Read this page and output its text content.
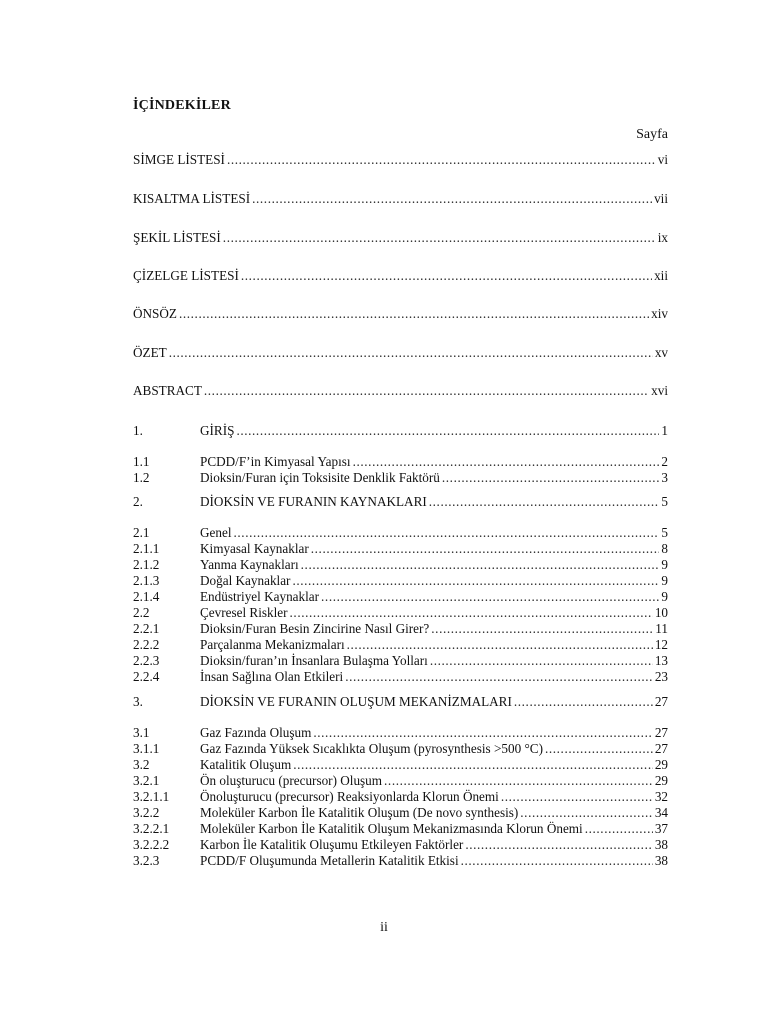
İÇİNDEKİLER
Sayfa
SİMGE LİSTESİ .....	vi
KISALTMA LİSTESİ .....	vii
ŞEKİL LİSTESİ .....	ix
ÇİZELGE LİSTESİ .....	xii
ÖNSÖZ .....	xiv
ÖZET .....	xv
ABSTRACT .....	xvi
1.	GİRİŞ .....	1
1.1	PCDD/F’in Kimyasal Yapısı .....	2
1.2	Dioksin/Furan için Toksisite Denklik Faktörü .....	3
2.	DİOKSİN VE FURANIN KAYNAKLARI .....	5
2.1	Genel .....	5
2.1.1	Kimyasal Kaynaklar .....	8
2.1.2	Yanma Kaynakları .....	9
2.1.3	Doğal Kaynaklar .....	9
2.1.4	Endüstriyel Kaynaklar .....	9
2.2	Çevresel Riskler .....	10
2.2.1	Dioksin/Furan Besin Zincirine Nasıl Girer? .....	11
2.2.2	Parçalanma Mekanizmaları .....	12
2.2.3	Dioksin/furan’ın İnsanlara Bulaşma Yolları .....	13
2.2.4	İnsan Sağlına Olan Etkileri .....	23
3.	DİOKSİN VE FURANIN OLUŞUM MEKANİZMALARI .....	27
3.1	Gaz Fazında Oluşum .....	27
3.1.1	Gaz Fazında Yüksek Sıcaklıkta Oluşum (pyrosynthesis >500 °C) .....	27
3.2	Katalitik Oluşum .....	29
3.2.1	Ön oluşturucu (precursor) Oluşum .....	29
3.2.1.1	Önoluşturucu (precursor) Reaksiyonlarda Klorun Önemi .....	32
3.2.2	Moleküler Karbon İle Katalitik Oluşum (De novo synthesis) .....	34
3.2.2.1	Moleküler Karbon İle Katalitik Oluşum Mekanizmasında Klorun Önemi .....	37
3.2.2.2	Karbon İle Katalitik Oluşumu Etkileyen Faktörler .....	38
3.2.3	PCDD/F Oluşumunda Metallerin Katalitik Etkisi .....	38
ii
